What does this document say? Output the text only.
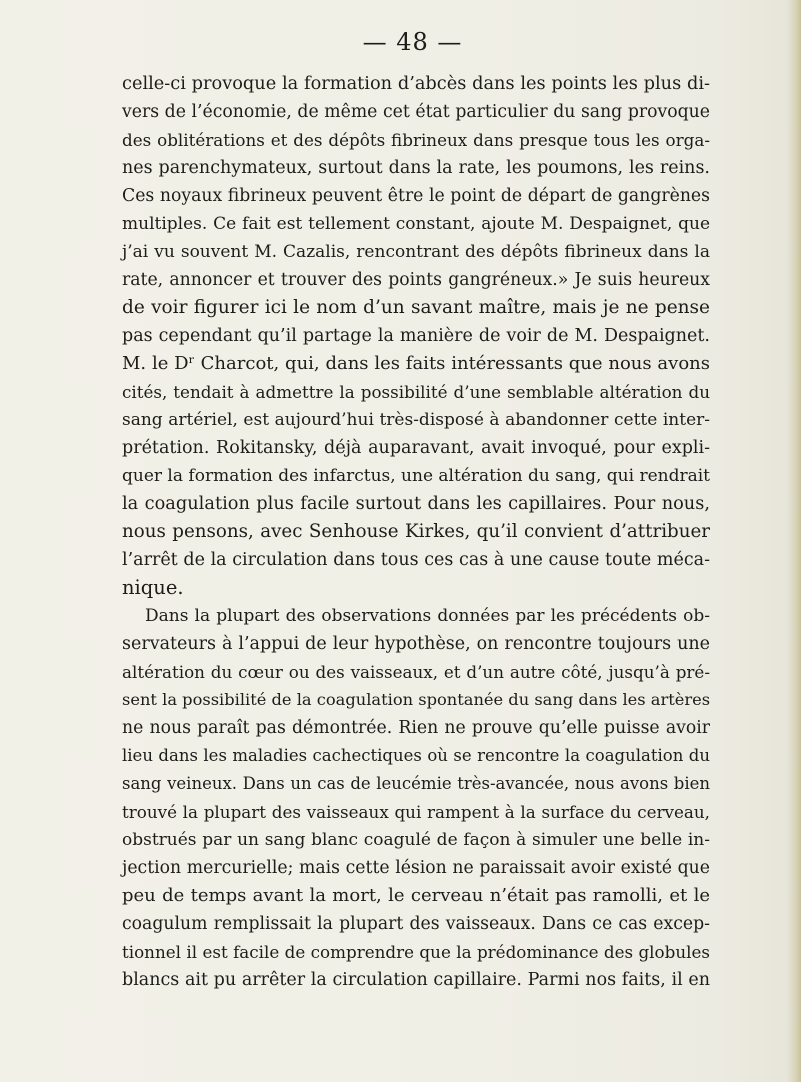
— 48 —
celle-ci provoque la formation d’abcès dans les points les plus di-
vers de l’économie, de même cet état particulier du sang provoque
des oblitérations et des dépôts fibrineux dans presque tous les orga-
nes parenchymateux, surtout dans la rate, les poumons, les reins.
Ces noyaux fibrineux peuvent être le point de départ de gangrènes
multiples. Ce fait est tellement constant, ajoute M. Despaignet, que
j’ai vu souvent M. Cazalis, rencontrant des dépôts fibrineux dans la
rate, annoncer et trouver des points gangréneux.» Je suis heureux
de voir figurer ici le nom d’un savant maître, mais je ne pense
pas cependant qu’il partage la manière de voir de M. Despaignet.
M. le Dʳ Charcot, qui, dans les faits intéressants que nous avons
cités, tendait à admettre la possibilité d’une semblable altération du
sang artériel, est aujourd’hui très-disposé à abandonner cette inter-
prétation. Rokitansky, déjà auparavant, avait invoqué, pour expli-
quer la formation des infarctus, une altération du sang, qui rendrait
la coagulation plus facile surtout dans les capillaires. Pour nous,
nous pensons, avec Senhouse Kirkes, qu’il convient d’attribuer
l’arrêt de la circulation dans tous ces cas à une cause toute méca-
nique.
Dans la plupart des observations données par les précédents ob-
servateurs à l’appui de leur hypothèse, on rencontre toujours une
altération du cœur ou des vaisseaux, et d’un autre côté, jusqu’à pré-
sent la possibilité de la coagulation spontanée du sang dans les artères
ne nous paraît pas démontrée. Rien ne prouve qu’elle puisse avoir
lieu dans les maladies cachectiques où se rencontre la coagulation du
sang veineux. Dans un cas de leucémie très-avancée, nous avons bien
trouvé la plupart des vaisseaux qui rampent à la surface du cerveau,
obstrués par un sang blanc coagulé de façon à simuler une belle in-
jection mercurielle; mais cette lésion ne paraissait avoir existé que
peu de temps avant la mort, le cerveau n’était pas ramolli, et le
coagulum remplissait la plupart des vaisseaux. Dans ce cas excep-
tionnel il est facile de comprendre que la prédominance des globules
blancs ait pu arrêter la circulation capillaire. Parmi nos faits, il en
